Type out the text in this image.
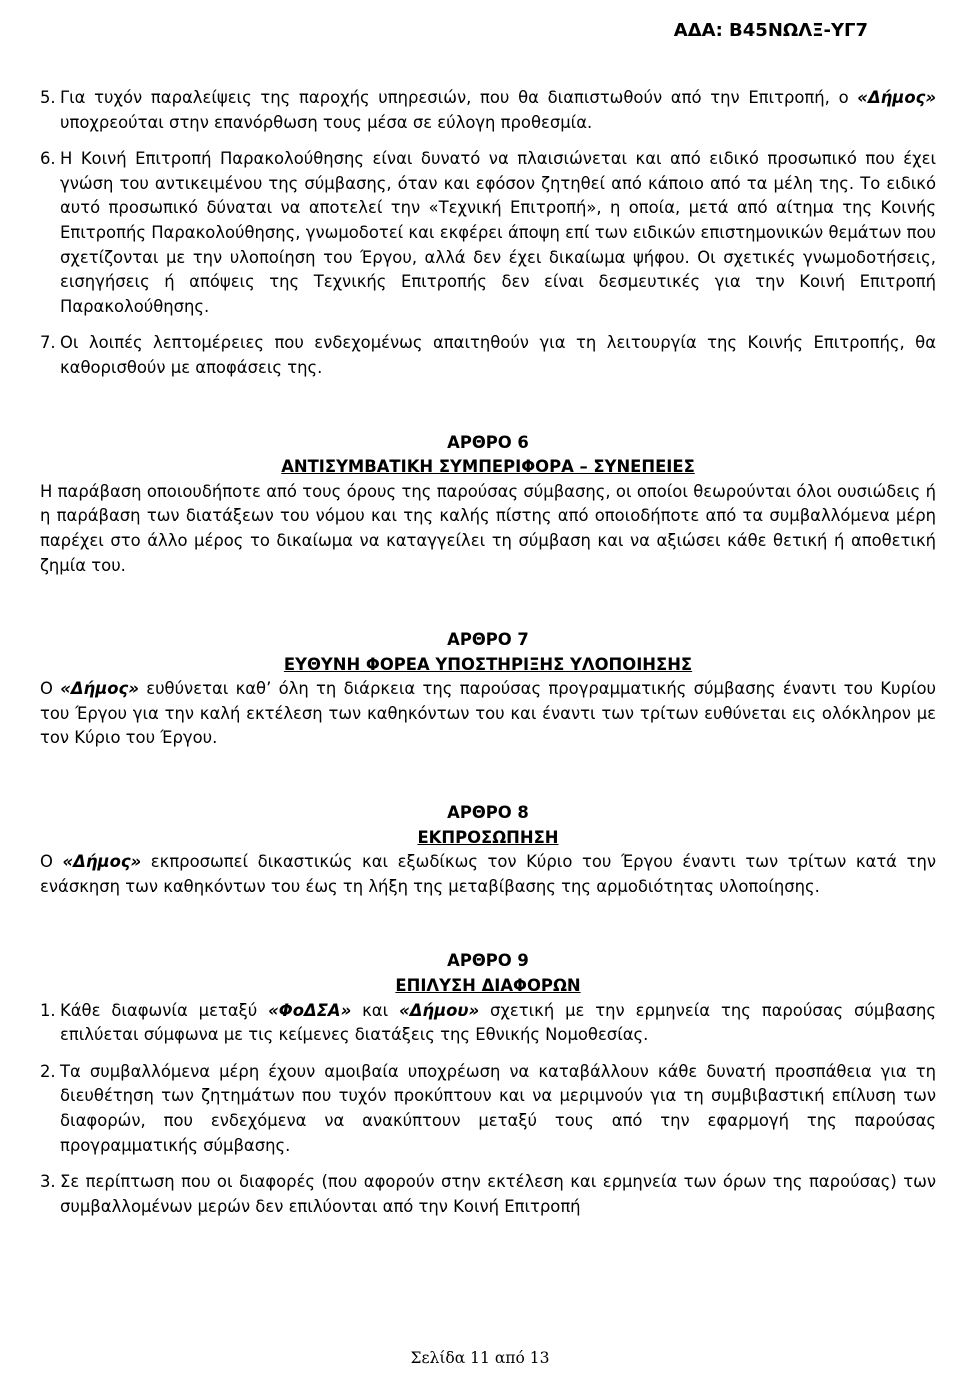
ΑΔΑ: Β45ΝΩΛΞ-ΥΓ7
5. Για τυχόν παραλείψεις της παροχής υπηρεσιών, που θα διαπιστωθούν από την Επιτροπή, ο «Δήμος» υποχρεούται στην επανόρθωση τους μέσα σε εύλογη προθεσμία.
6. Η Κοινή Επιτροπή Παρακολούθησης είναι δυνατό να πλαισιώνεται και από ειδικό προσωπικό που έχει γνώση του αντικειμένου της σύμβασης, όταν και εφόσον ζητηθεί από κάποιο από τα μέλη της. Το ειδικό αυτό προσωπικό δύναται να αποτελεί την «Τεχνική Επιτροπή», η οποία, μετά από αίτημα της Κοινής Επιτροπής Παρακολούθησης, γνωμοδοτεί και εκφέρει άποψη επί των ειδικών επιστημονικών θεμάτων που σχετίζονται με την υλοποίηση του Έργου, αλλά δεν έχει δικαίωμα ψήφου. Οι σχετικές γνωμοδοτήσεις, εισηγήσεις ή απόψεις της Τεχνικής Επιτροπής δεν είναι δεσμευτικές για την Κοινή Επιτροπή Παρακολούθησης.
7. Οι λοιπές λεπτομέρειες που ενδεχομένως απαιτηθούν για τη λειτουργία της Κοινής Επιτροπής, θα καθορισθούν με αποφάσεις της.

ΑΡΘΡΟ 6

ΑΝΤΙΣΥΜΒΑΤΙΚΗ ΣΥΜΠΕΡΙΦΟΡΑ – ΣΥΝΕΠΕΙΕΣ

Η παράβαση οποιουδήποτε από τους όρους της παρούσας σύμβασης, οι οποίοι θεωρούνται όλοι ουσιώδεις ή η παράβαση των διατάξεων του νόμου και της καλής πίστης από οποιοδήποτε από τα συμβαλλόμενα μέρη παρέχει στο άλλο μέρος το δικαίωμα να καταγγείλει τη σύμβαση και να αξιώσει κάθε θετική ή αποθετική ζημία του.

ΑΡΘΡΟ 7

ΕΥΘΥΝΗ ΦΟΡΕΑ ΥΠΟΣΤΗΡΙΞΗΣ ΥΛΟΠΟΙΗΣΗΣ

Ο «Δήμος» ευθύνεται καθ’ όλη τη διάρκεια της παρούσας προγραμματικής σύμβασης έναντι του Κυρίου του Έργου για την καλή εκτέλεση των καθηκόντων του και έναντι των τρίτων ευθύνεται εις ολόκληρον με τον Κύριο του Έργου.

ΑΡΘΡΟ 8

ΕΚΠΡΟΣΩΠΗΣΗ

Ο «Δήμος» εκπροσωπεί δικαστικώς και εξωδίκως τον Κύριο του Έργου έναντι των τρίτων κατά την ενάσκηση των καθηκόντων του έως τη λήξη της μεταβίβασης της αρμοδιότητας υλοποίησης.

ΑΡΘΡΟ 9

ΕΠΙΛΥΣΗ ΔΙΑΦΟΡΩΝ

1. Κάθε διαφωνία μεταξύ «ΦοΔΣΑ» και «Δήμου» σχετική με την ερμηνεία της παρούσας σύμβασης επιλύεται σύμφωνα με τις κείμενες διατάξεις της Εθνικής Νομοθεσίας.
2. Τα συμβαλλόμενα μέρη έχουν αμοιβαία υποχρέωση να καταβάλλουν κάθε δυνατή προσπάθεια για τη διευθέτηση των ζητημάτων που τυχόν προκύπτουν και να μεριμνούν για τη συμβιβαστική επίλυση των διαφορών, που ενδεχόμενα να ανακύπτουν μεταξύ τους από την εφαρμογή της παρούσας προγραμματικής σύμβασης.
3. Σε περίπτωση που οι διαφορές (που αφορούν στην εκτέλεση και ερμηνεία των όρων της παρούσας) των συμβαλλομένων μερών δεν επιλύονται από την Κοινή Επιτροπή
Σελίδα 11 από 13
